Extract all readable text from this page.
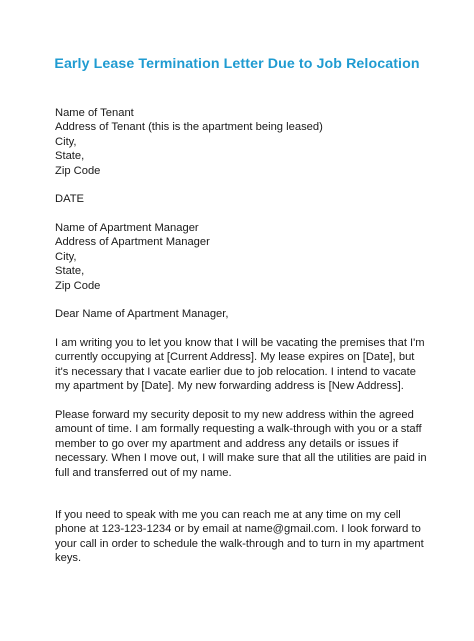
Early Lease Termination Letter Due to Job Relocation
Name of Tenant
Address of Tenant (this is the apartment being leased)
City,
State,
Zip Code
DATE
Name of Apartment Manager
Address of Apartment Manager
City,
State,
Zip Code
Dear Name of Apartment Manager,
I am writing you to let you know that I will be vacating the premises that I'm
currently occupying at [Current Address]. My lease expires on [Date], but
it's necessary that I vacate earlier due to job relocation. I intend to vacate
my apartment by [Date]. My new forwarding address is [New Address].
Please forward my security deposit to my new address within the agreed
amount of time. I am formally requesting a walk-through with you or a staff
member to go over my apartment and address any details or issues if
necessary. When I move out, I will make sure that all the utilities are paid in
full and transferred out of my name.
If you need to speak with me you can reach me at any time on my cell
phone at 123-123-1234 or by email at name@gmail.com. I look forward to
your call in order to schedule the walk-through and to turn in my apartment
keys.
